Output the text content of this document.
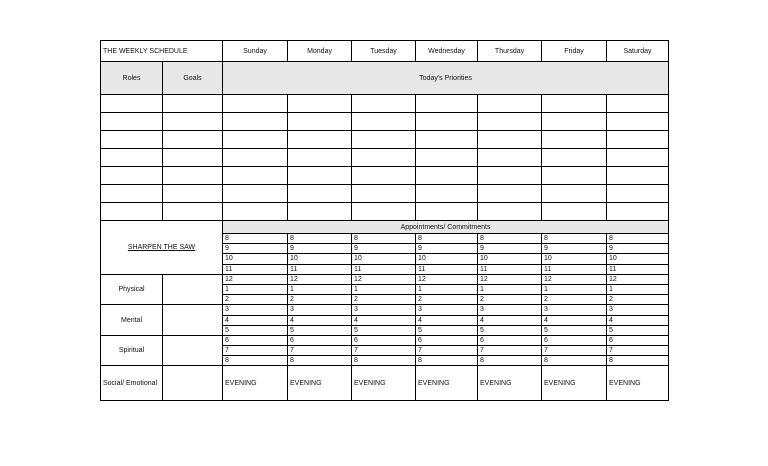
THE WEEKLY SCHEDULE		Sunday	Monday	Tuesday	Wednesday	Thursday	Friday	Saturday
Roles	Goals	Today's Priorities						

SHARPEN THE SAW		Appointments/ Commitments						
		8	8	8	8	8	8	8
		9	9	9	9	9	9	9
		10	10	10	10	10	10	10
		11	11	11	11	11	11	11
Physical		12	12	12	12	12	12	12
		1	1	1	1	1	1	1
		2	2	2	2	2	2	2
Mental		3	3	3	3	3	3	3
		4	4	4	4	4	4	4
		5	5	5	5	5	5	5
Spiritual		6	6	6	6	6	6	6
		7	7	7	7	7	7	7
		8	8	8	8	8	8	8
Social/ Emotional		EVENING	EVENING	EVENING	EVENING	EVENING	EVENING	EVENING
